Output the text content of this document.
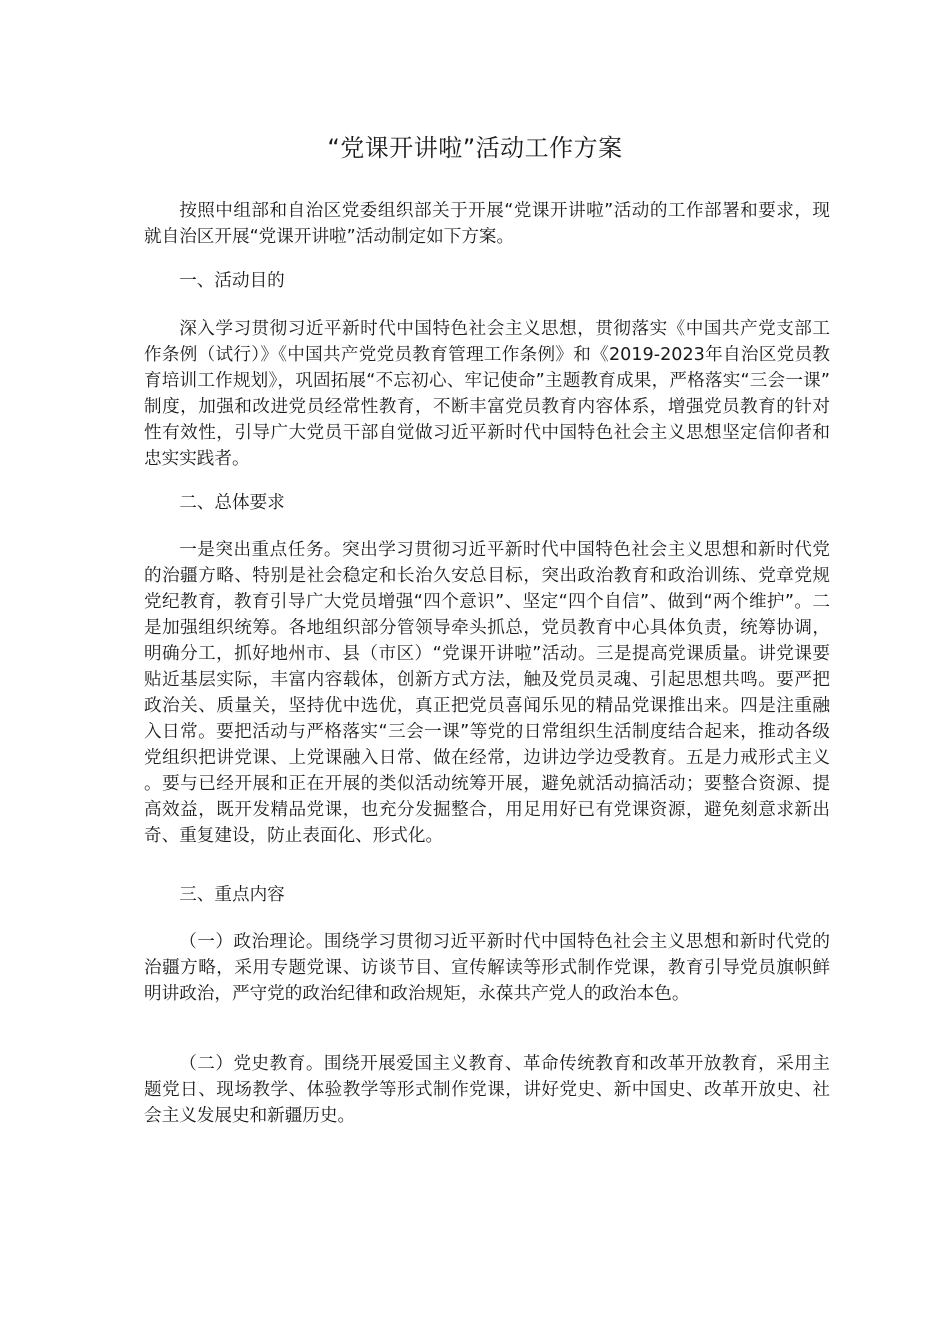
“党课开讲啦”活动工作方案

按照中组部和自治区党委组织部关于开展“党课开讲啦”活动的工作部署和要求，现就自治区开展“党课开讲啦”活动制定如下方案。

一、活动目的

深入学习贯彻习近平新时代中国特色社会主义思想，贯彻落实《中国共产党支部工作条例（试行）》《中国共产党党员教育管理工作条例》和《2019-2023年自治区党员教育培训工作规划》，巩固拓展“不忘初心、牢记使命”主题教育成果，严格落实“三会一课”制度，加强和改进党员经常性教育，不断丰富党员教育内容体系，增强党员教育的针对性有效性，引导广大党员干部自觉做习近平新时代中国特色社会主义思想坚定信仰者和忠实实践者。

二、总体要求

一是突出重点任务。突出学习贯彻习近平新时代中国特色社会主义思想和新时代党的治疆方略、特别是社会稳定和长治久安总目标，突出政治教育和政治训练、党章党规党纪教育，教育引导广大党员增强“四个意识”、坚定“四个自信”、做到“两个维护”。二是加强组织统筹。各地组织部分管领导牵头抓总，党员教育中心具体负责，统筹协调，明确分工，抓好地州市、县（市区）“党课开讲啦”活动。三是提高党课质量。讲党课要贴近基层实际，丰富内容载体，创新方式方法，触及党员灵魂、引起思想共鸣。要严把政治关、质量关，坚持优中选优，真正把党员喜闻乐见的精品党课推出来。四是注重融入日常。要把活动与严格落实“三会一课”等党的日常组织生活制度结合起来，推动各级党组织把讲党课、上党课融入日常、做在经常，边讲边学边受教育。五是力戒形式主义。要与已经开展和正在开展的类似活动统筹开展，避免就活动搞活动；要整合资源、提高效益，既开发精品党课，也充分发掘整合，用足用好已有党课资源，避免刻意求新出奇、重复建设，防止表面化、形式化。

三、重点内容

（一）政治理论。围绕学习贯彻习近平新时代中国特色社会主义思想和新时代党的治疆方略，采用专题党课、访谈节目、宣传解读等形式制作党课，教育引导党员旗帜鲜明讲政治，严守党的政治纪律和政治规矩，永葆共产党人的政治本色。

（二）党史教育。围绕开展爱国主义教育、革命传统教育和改革开放教育，采用主题党日、现场教学、体验教学等形式制作党课，讲好党史、新中国史、改革开放史、社会主义发展史和新疆历史。
